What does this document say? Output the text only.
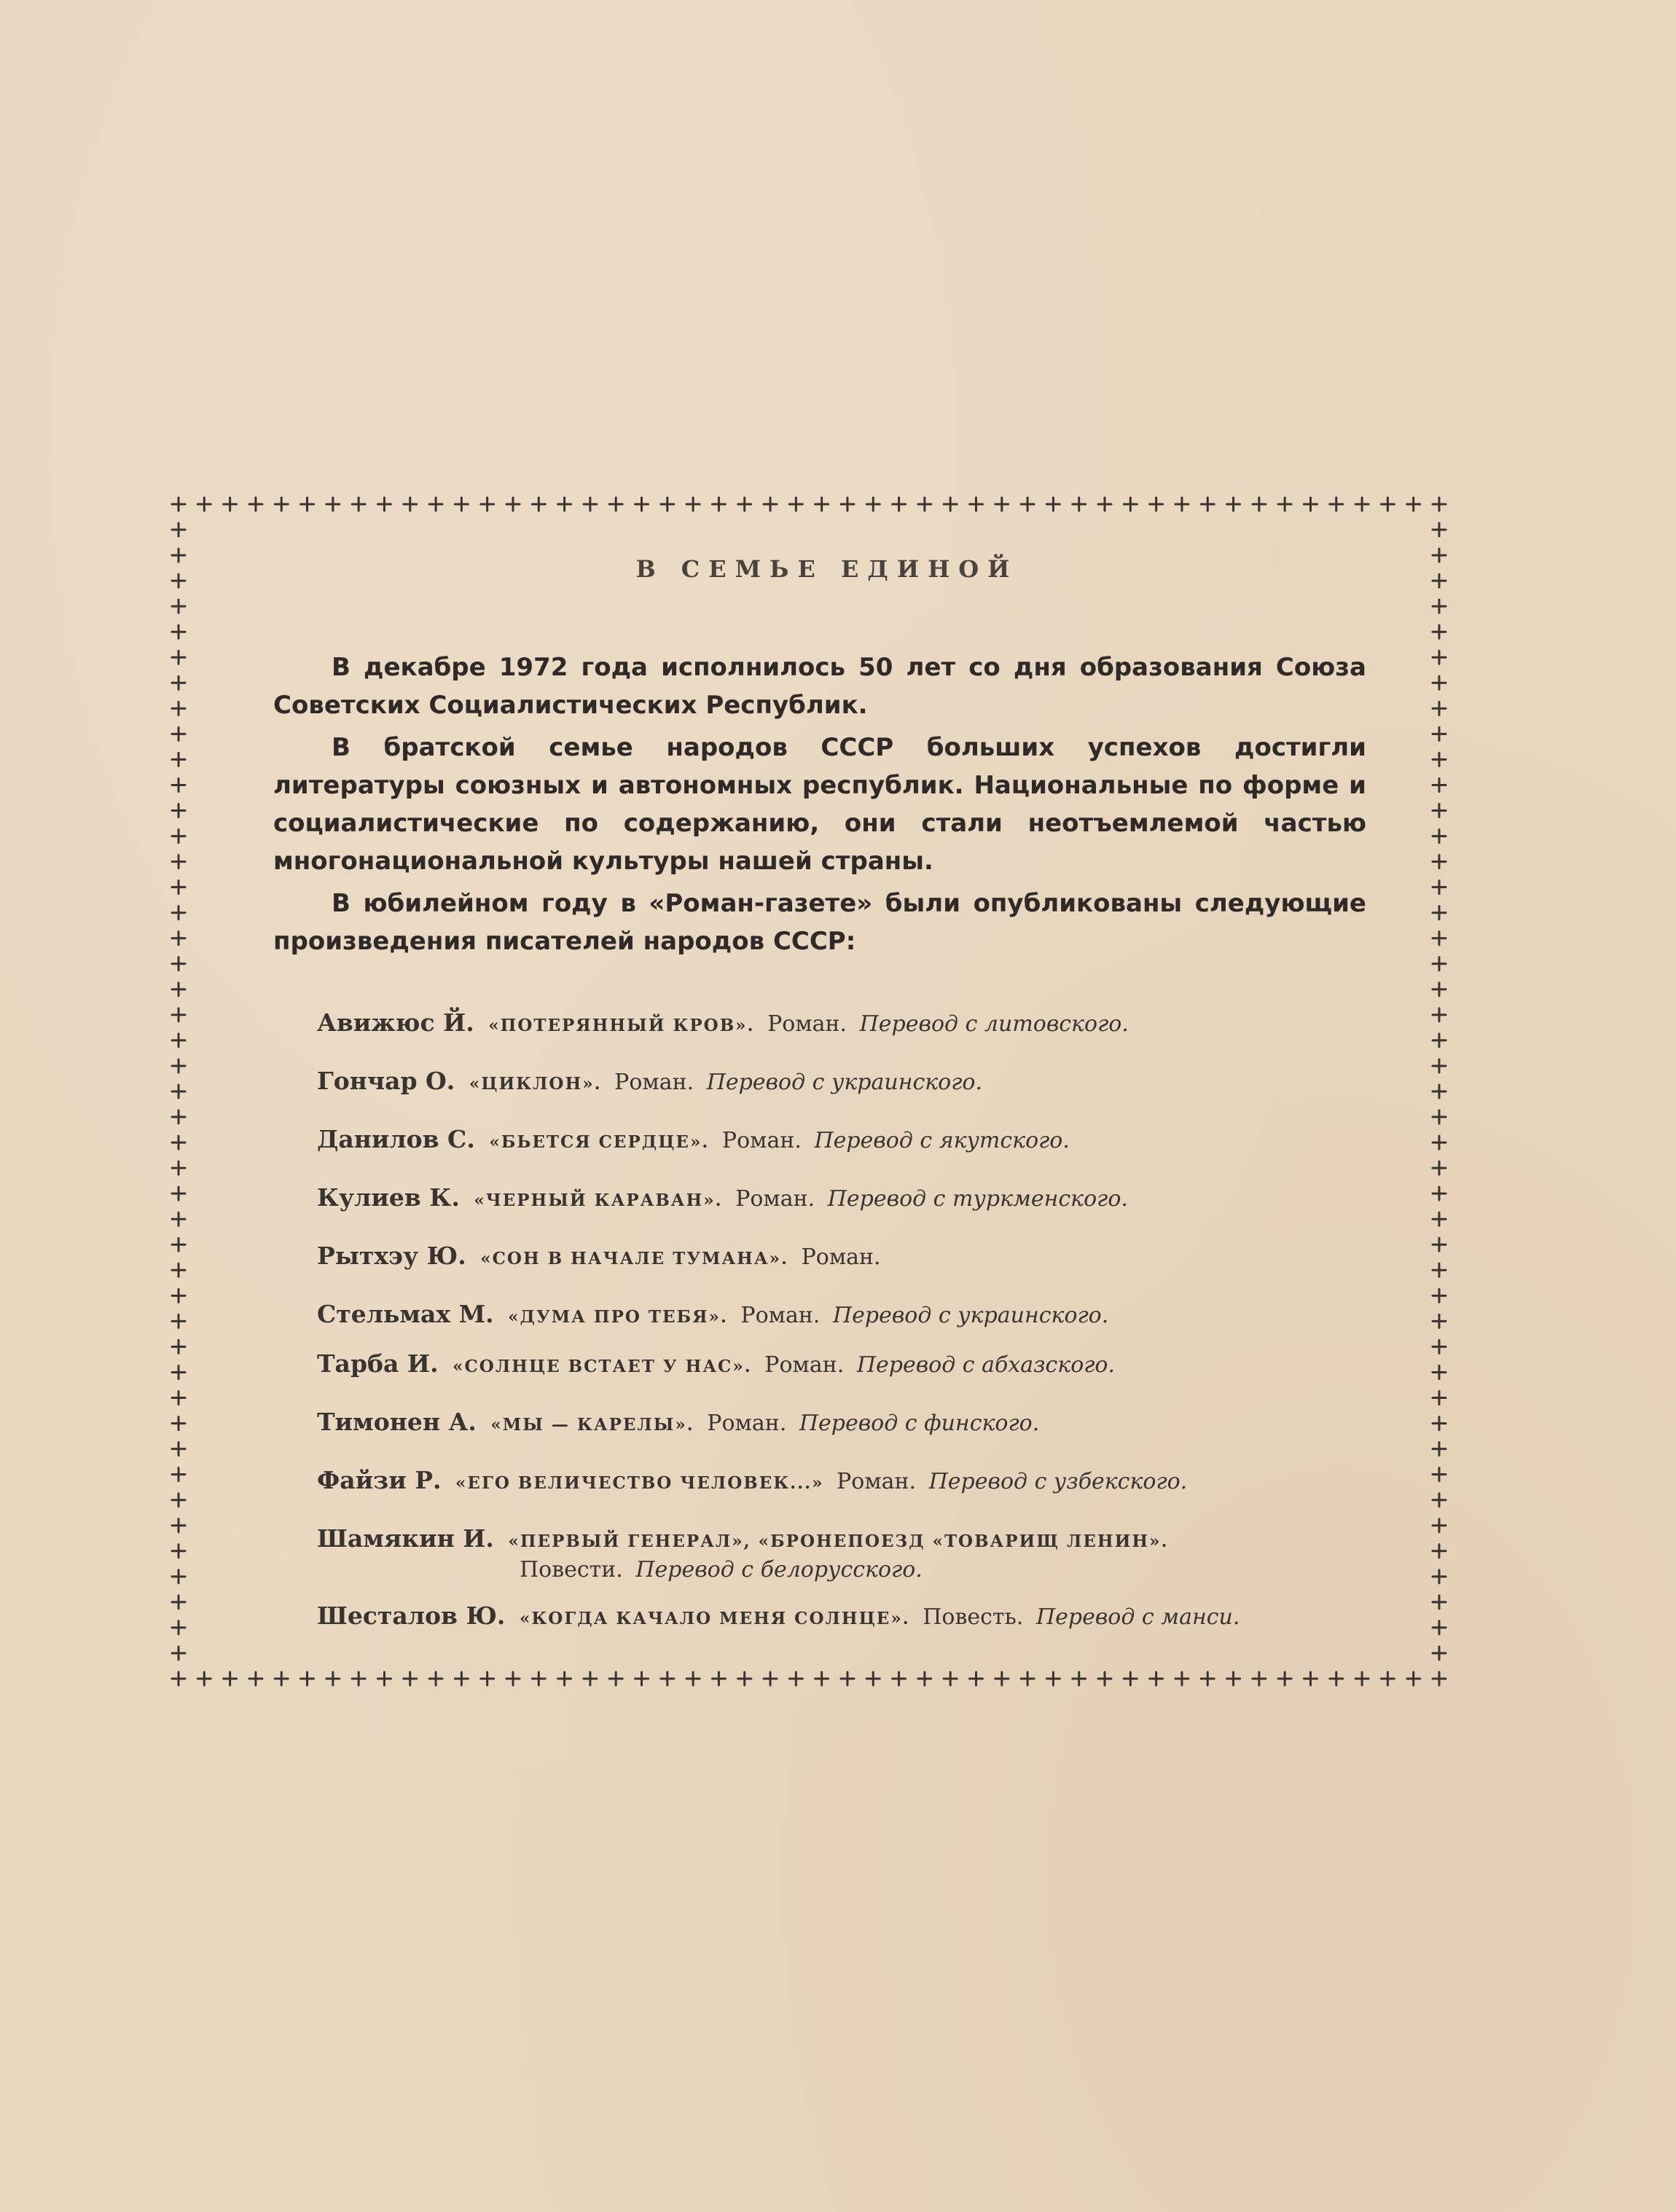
В СЕМЬЕ ЕДИНОЙ

В декабре 1972 года исполнилось 50 лет со дня образования Союза Советских Социалистических Республик.

В братской семье народов СССР больших успехов достигли литературы союзных и автономных республик. Национальные по форме и социалистические по содержанию, они стали неотъемлемой частью многонациональной культуры нашей страны.

В юбилейном году в «Роман-газете» были опубликованы следующие произведения писателей народов СССР:

Авижюс Й. «ПОТЕРЯННЫЙ КРОВ». Роман. Перевод с литовского.
Гончар О. «ЦИКЛОН». Роман. Перевод с украинского.
Данилов С. «БЬЕТСЯ СЕРДЦЕ». Роман. Перевод с якутского.
Кулиев К. «ЧЕРНЫЙ КАРАВАН». Роман. Перевод с туркменского.
Рытхэу Ю. «СОН В НАЧАЛЕ ТУМАНА». Роман.
Стельмах М. «ДУМА ПРО ТЕБЯ». Роман. Перевод с украинского.
Тарба И. «СОЛНЦЕ ВСТАЕТ У НАС». Роман. Перевод с абхазского.
Тимонен А. «МЫ — КАРЕЛЫ». Роман. Перевод с финского.
Файзи Р. «ЕГО ВЕЛИЧЕСТВО ЧЕЛОВЕК...» Роман. Перевод с узбекского.
Шамякин И. «ПЕРВЫЙ ГЕНЕРАЛ», «БРОНЕПОЕЗД «ТОВАРИЩ ЛЕНИН».
Повести. Перевод с белорусского.
Шесталов Ю. «КОГДА КАЧАЛО МЕНЯ СОЛНЦЕ». Повесть. Перевод с манси.
